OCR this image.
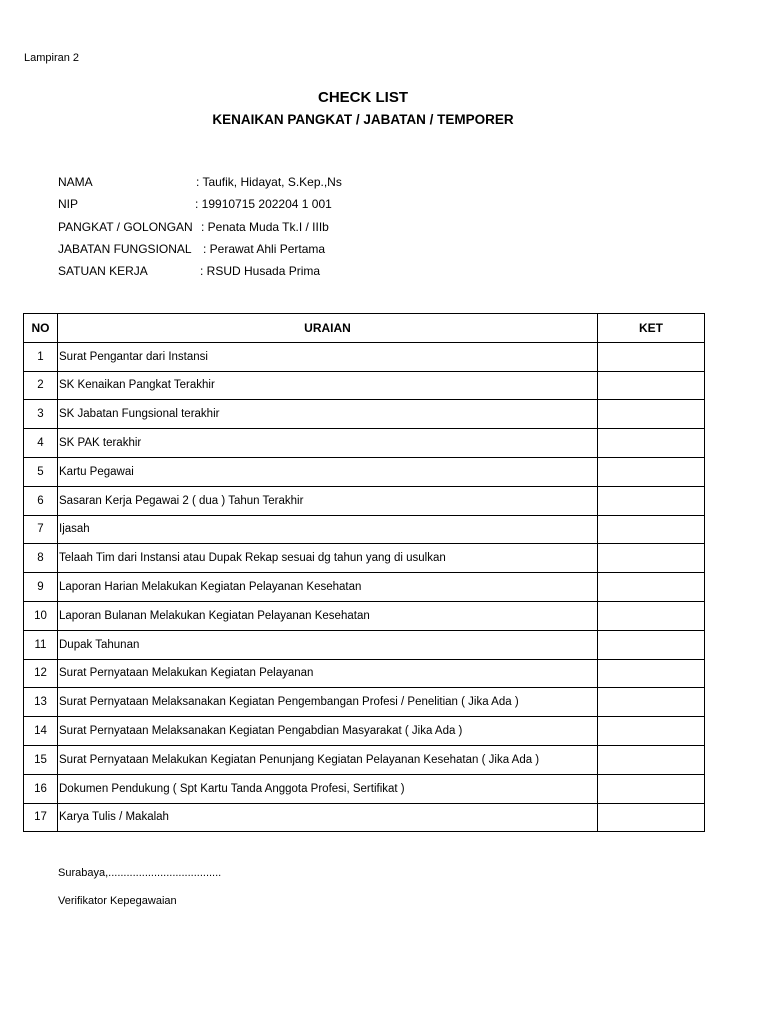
Lampiran 2
CHECK LIST
KENAIKAN PANGKAT / JABATAN / TEMPORER
NAMA	: Taufik, Hidayat, S.Kep.,Ns
NIP	: 19910715 202204 1 001
PANGKAT / GOLONGAN : Penata Muda Tk.I / IIIb
JABATAN FUNGSIONAL : Perawat Ahli Pertama
SATUAN KERJA	: RSUD Husada Prima
NO	URAIAN	KET
1	Surat Pengantar dari Instansi	
2	SK Kenaikan Pangkat Terakhir	
3	SK Jabatan Fungsional terakhir	
4	SK PAK terakhir	
5	Kartu Pegawai	
6	Sasaran Kerja Pegawai 2 ( dua ) Tahun Terakhir	
7	Ijasah	
8	Telaah Tim dari Instansi atau Dupak Rekap sesuai dg tahun yang di usulkan	
9	Laporan Harian Melakukan Kegiatan Pelayanan Kesehatan	
10	Laporan Bulanan Melakukan Kegiatan Pelayanan Kesehatan	
11	Dupak Tahunan	
12	Surat Pernyataan Melakukan Kegiatan Pelayanan	
13	Surat Pernyataan Melaksanakan Kegiatan Pengembangan Profesi / Penelitian ( Jika Ada )	
14	Surat Pernyataan Melaksanakan Kegiatan Pengabdian Masyarakat ( Jika Ada )	
15	Surat Pernyataan Melakukan Kegiatan Penunjang Kegiatan Pelayanan Kesehatan ( Jika Ada )	
16	Dokumen Pendukung ( Spt Kartu Tanda Anggota Profesi, Sertifikat )	
17	Karya Tulis / Makalah	
Surabaya,.....................................
Verifikator Kepegawaian
